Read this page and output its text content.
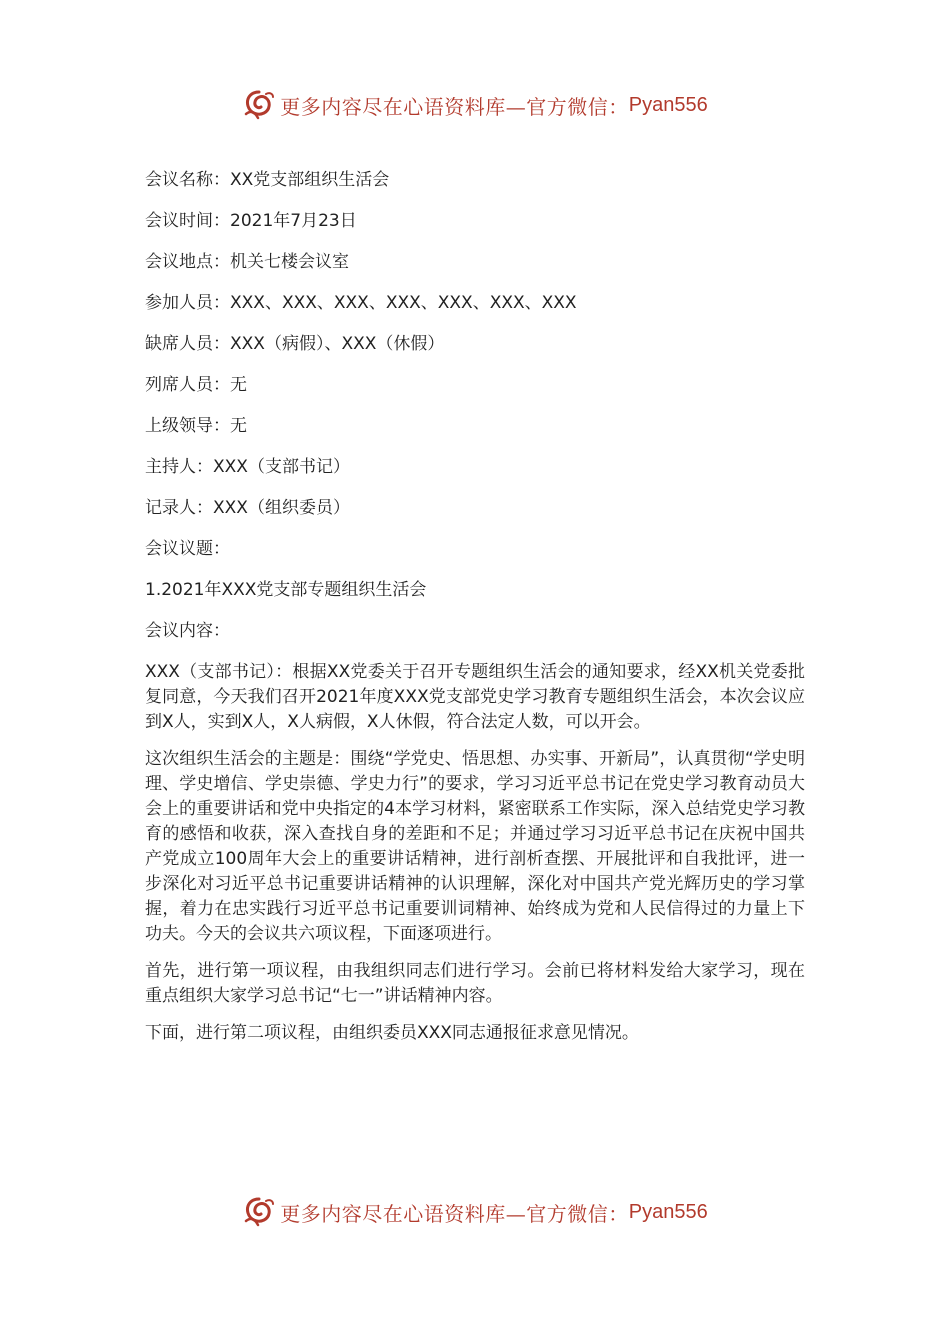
更多内容尽在心语资料库—官方微信： Pyan556
会议名称：XX党支部组织生活会
会议时间：2021年7月23日
会议地点：机关七楼会议室
参加人员：XXX、XXX、XXX、XXX、XXX、XXX、XXX
缺席人员：XXX（病假）、XXX（休假）
列席人员：无
上级领导：无
主持人：XXX（支部书记）
记录人：XXX（组织委员）
会议议题：
1.2021年XXX党支部专题组织生活会
会议内容：

XXX（支部书记）：根据XX党委关于召开专题组织生活会的通知要求，经XX机关党委批复同意，今天我们召开2021年度XXX党支部党史学习教育专题组织生活会，本次会议应到X人，实到X人，X人病假，X人休假，符合法定人数，可以开会。

这次组织生活会的主题是：围绕“学党史、悟思想、办实事、开新局”，认真贯彻“学史明理、学史增信、学史崇德、学史力行”的要求，学习习近平总书记在党史学习教育动员大会上的重要讲话和党中央指定的4本学习材料，紧密联系工作实际，深入总结党史学习教育的感悟和收获，深入查找自身的差距和不足；并通过学习习近平总书记在庆祝中国共产党成立100周年大会上的重要讲话精神，进行剖析查摆、开展批评和自我批评，进一步深化对习近平总书记重要讲话精神的认识理解，深化对中国共产党光辉历史的学习掌握，着力在忠实践行习近平总书记重要训词精神、始终成为党和人民信得过的力量上下功夫。今天的会议共六项议程，下面逐项进行。

首先，进行第一项议程，由我组织同志们进行学习。会前已将材料发给大家学习，现在重点组织大家学习总书记“七一”讲话精神内容。

下面，进行第二项议程，由组织委员XXX同志通报征求意见情况。

更多内容尽在心语资料库—官方微信： Pyan556
